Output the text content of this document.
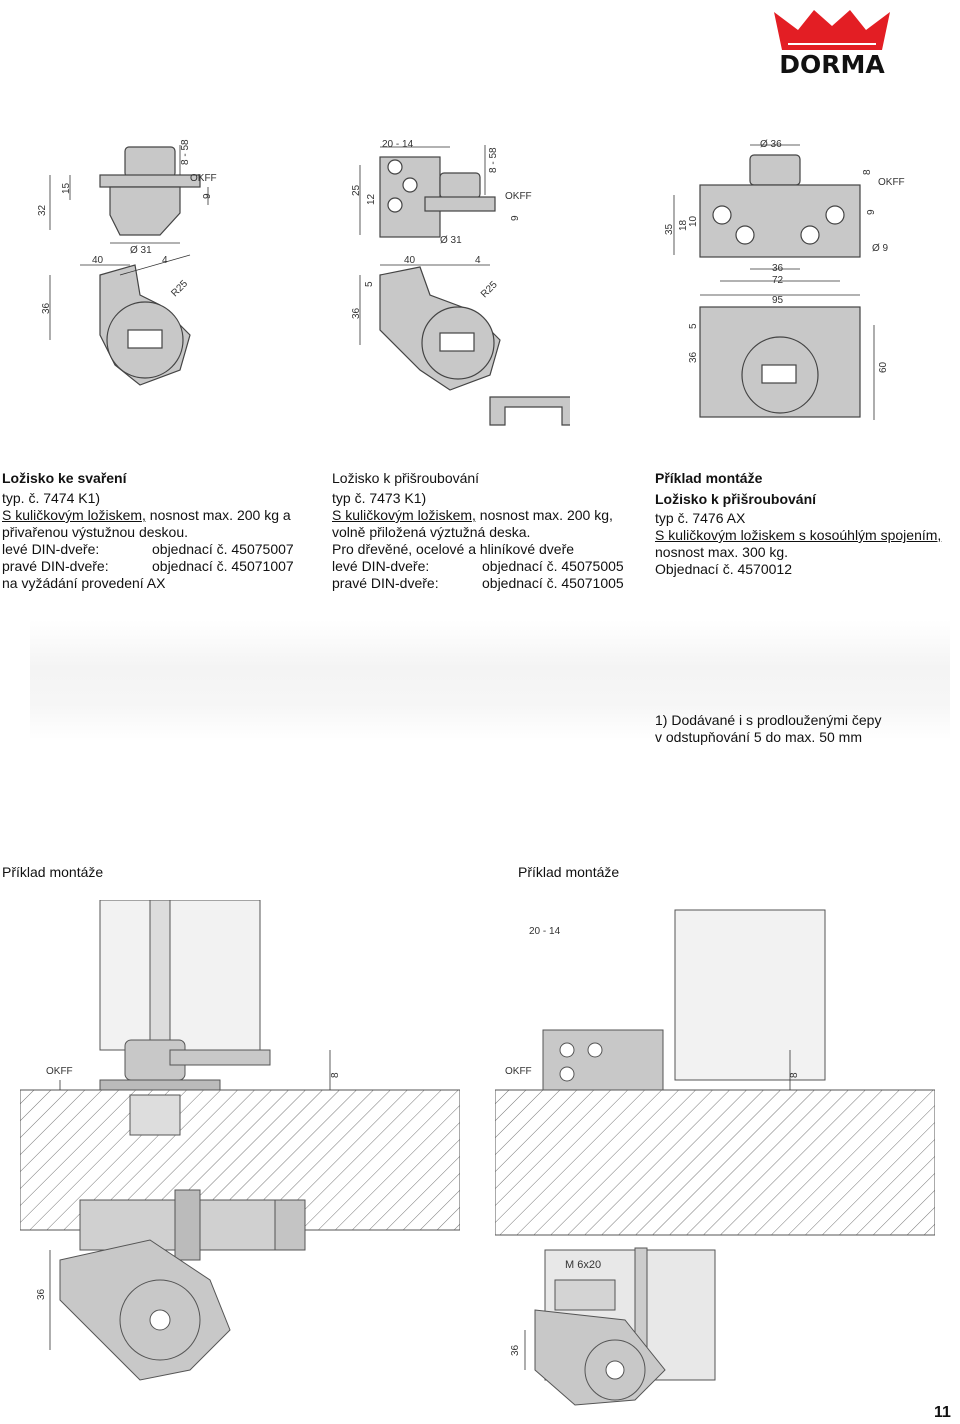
DORMA
32
15
8 - 58
OKFF
9
Ø 31
40	4
36
R25
20 - 14
25
12
8 - 58
OKFF
9
Ø 31
40	4
36
5	R25
Ø 36
8
OKFF
9
35 18 10
Ø 9
36
72
95
36
5
60
Ložisko ke svaření
typ. č. 7474 K1)
S kuličkovým ložiskem, nosnost max. 200 kg a
přivařenou výstužnou deskou.
levé DIN-dveře:	objednací č. 45075007
pravé DIN-dveře:	objednací č. 45071007
na vyžádání provedení AX
Ložisko k přišroubování
typ č. 7473 K1)
S kuličkovým ložiskem, nosnost max. 200 kg,
volně přiložená výztužná deska.
Pro dřevěné, ocelové a hliníkové dveře
levé DIN-dveře:	objednací č. 45075005
pravé DIN-dveře:	objednací č. 45071005
Příklad montáže
Ložisko k přišroubování
typ č. 7476 AX
S kuličkovým ložiskem s kosoúhlým spojením,
nosnost max. 300 kg.
Objednací č. 4570012
1) Dodávané i s prodlouženými čepy
v odstupňování 5 do max. 50 mm
Příklad montáže	Příklad montáže
OKFF	8
36
20 - 14
OKFF	8
M 6x20
36
11
